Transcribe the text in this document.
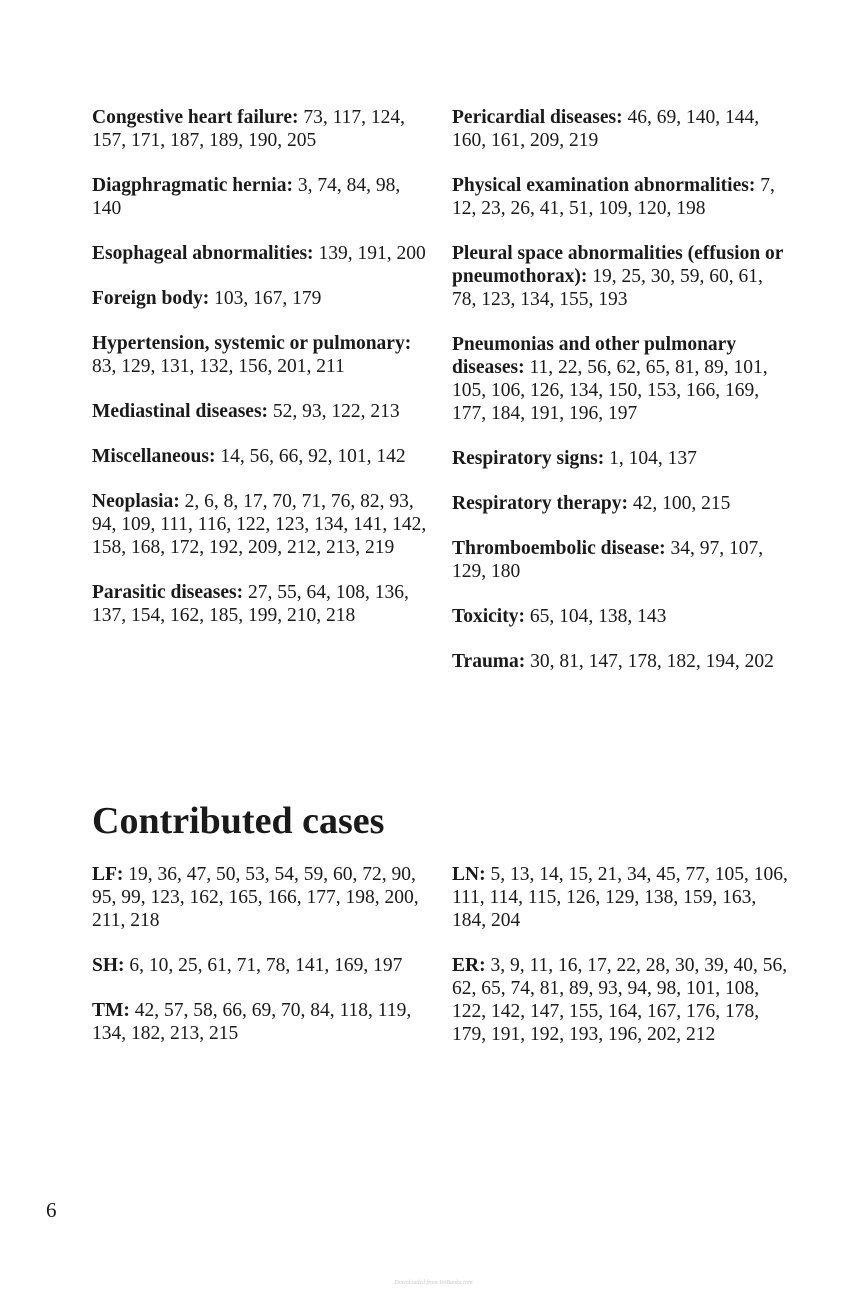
Congestive heart failure: 73, 117, 124, 157, 171, 187, 189, 190, 205

Diagphragmatic hernia: 3, 74, 84, 98, 140

Esophageal abnormalities: 139, 191, 200

Foreign body: 103, 167, 179

Hypertension, systemic or pulmonary: 83, 129, 131, 132, 156, 201, 211

Mediastinal diseases: 52, 93, 122, 213

Miscellaneous: 14, 56, 66, 92, 101, 142

Neoplasia: 2, 6, 8, 17, 70, 71, 76, 82, 93, 94, 109, 111, 116, 122, 123, 134, 141, 142, 158, 168, 172, 192, 209, 212, 213, 219

Parasitic diseases: 27, 55, 64, 108, 136, 137, 154, 162, 185, 199, 210, 218

Pericardial diseases: 46, 69, 140, 144, 160, 161, 209, 219

Physical examination abnormalities: 7, 12, 23, 26, 41, 51, 109, 120, 198

Pleural space abnormalities (effusion or pneumothorax): 19, 25, 30, 59, 60, 61, 78, 123, 134, 155, 193

Pneumonias and other pulmonary diseases: 11, 22, 56, 62, 65, 81, 89, 101, 105, 106, 126, 134, 150, 153, 166, 169, 177, 184, 191, 196, 197

Respiratory signs: 1, 104, 137

Respiratory therapy: 42, 100, 215

Thromboembolic disease: 34, 97, 107, 129, 180

Toxicity: 65, 104, 138, 143

Trauma: 30, 81, 147, 178, 182, 194, 202

Contributed cases

LF: 19, 36, 47, 50, 53, 54, 59, 60, 72, 90, 95, 99, 123, 162, 165, 166, 177, 198, 200, 211, 218

SH: 6, 10, 25, 61, 71, 78, 141, 169, 197

TM: 42, 57, 58, 66, 69, 70, 84, 118, 119, 134, 182, 213, 215

LN: 5, 13, 14, 15, 21, 34, 45, 77, 105, 106, 111, 114, 115, 126, 129, 138, 159, 163, 184, 204

ER: 3, 9, 11, 16, 17, 22, 28, 30, 39, 40, 56, 62, 65, 74, 81, 89, 93, 94, 98, 101, 108, 122, 142, 147, 155, 164, 167, 176, 178, 179, 191, 192, 193, 196, 202, 212

6
Downloaded from VetBooks.com
